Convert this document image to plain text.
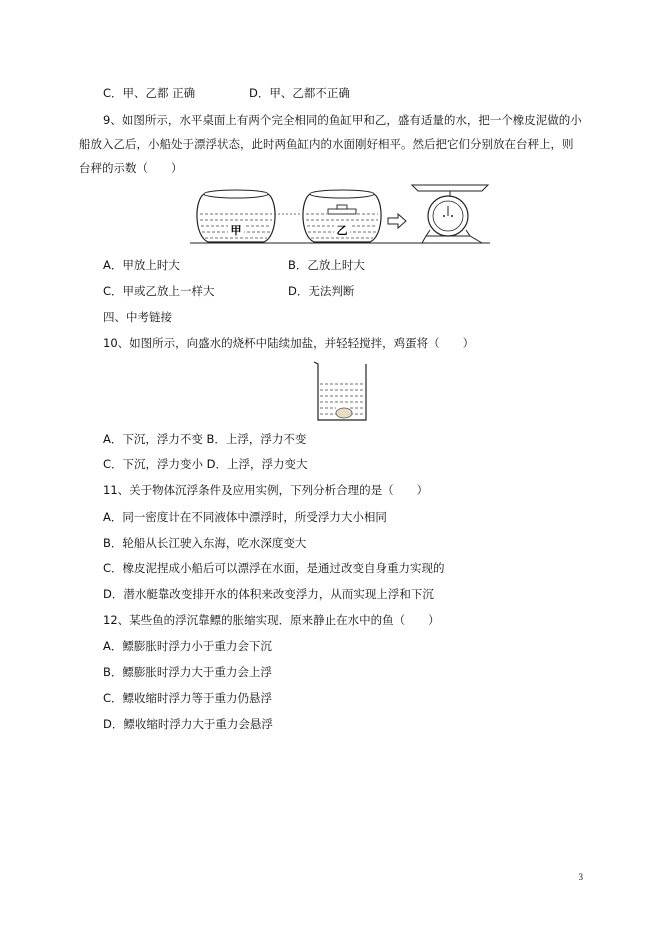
C．甲、乙都 正确	D．甲、乙都不正确
9、如图所示，水平桌面上有两个完全相同的鱼缸甲和乙，盛有适量的水，把一个橡皮泥做的小
船放入乙后，小船处于漂浮状态，此时两鱼缸内的水面刚好相平。然后把它们分别放在台秤上，则
台秤的示数（　　）
甲	乙
A．甲放上时大	B．乙放上时大
C．甲或乙放上一样大	D．无法判断
四、中考链接
10、如图所示，向盛水的烧杯中陆续加盐，并轻轻搅拌，鸡蛋将（　　）
A．下沉，浮力不变 B．上浮，浮力不变
C．下沉，浮力变小 D．上浮，浮力变大
11、关于物体沉浮条件及应用实例，下列分析合理的是（　　）
A．同一密度计在不同液体中漂浮时，所受浮力大小相同
B．轮船从长江驶入东海，吃水深度变大
C．橡皮泥捏成小船后可以漂浮在水面，是通过改变自身重力实现的
D．潜水艇靠改变排开水的体积来改变浮力，从而实现上浮和下沉
12、某些鱼的浮沉靠鳔的胀缩实现．原来静止在水中的鱼（　　）
A．鳔膨胀时浮力小于重力会下沉
B．鳔膨胀时浮力大于重力会上浮
C．鳔收缩时浮力等于重力仍悬浮
D．鳔收缩时浮力大于重力会悬浮
3
